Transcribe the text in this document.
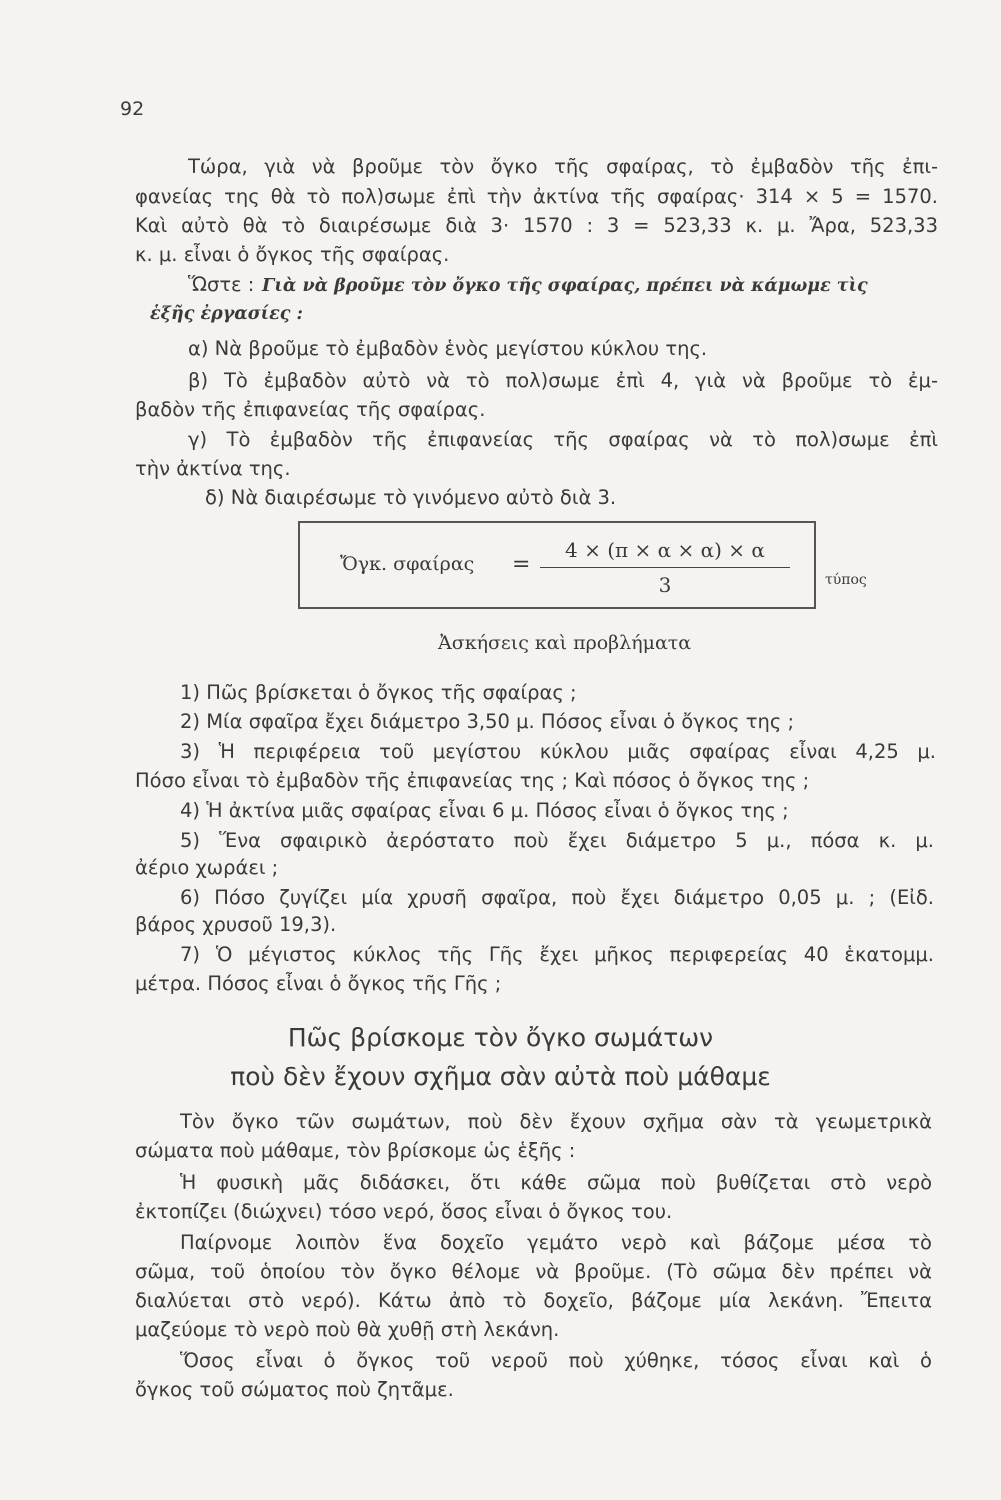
92
Τώρα, γιὰ νὰ βροῦμε τὸν ὄγκο τῆς σφαίρας, τὸ ἐμβαδὸν τῆς ἐπι-
φανείας της θὰ τὸ πολ)σωμε ἐπὶ τὴν ἀκτίνα τῆς σφαίρας· 314 × 5 = 1570.
Καὶ αὐτὸ θὰ τὸ διαιρέσωμε διὰ 3· 1570 : 3 = 523,33 κ. μ. Ἄρα, 523,33
κ. μ. εἶναι ὁ ὄγκος τῆς σφαίρας.
Ὥστε : Γιὰ νὰ βροῦμε τὸν ὄγκο τῆς σφαίρας, πρέπει νὰ κάμωμε τὶς
ἑξῆς ἐργασίες :
α) Νὰ βροῦμε τὸ ἐμβαδὸν ἑνὸς μεγίστου κύκλου της.
β) Τὸ ἐμβαδὸν αὐτὸ νὰ τὸ πολ)σωμε ἐπὶ 4, γιὰ νὰ βροῦμε τὸ ἐμ-
βαδὸν τῆς ἐπιφανείας τῆς σφαίρας.
γ) Τὸ ἐμβαδὸν τῆς ἐπιφανείας τῆς σφαίρας νὰ τὸ πολ)σωμε ἐπὶ
τὴν ἀκτίνα της.
δ) Νὰ διαιρέσωμε τὸ γινόμενο αὐτὸ διὰ 3.
Ὄγκ. σφαίρας =
4 × (π × α × α) × α
3	τύπος
Ἀσκήσεις καὶ προβλήματα
1) Πῶς βρίσκεται ὁ ὄγκος τῆς σφαίρας ;
2) Μία σφαῖρα ἔχει διάμετρο 3,50 μ. Πόσος εἶναι ὁ ὄγκος της ;
3) Ἡ περιφέρεια τοῦ μεγίστου κύκλου μιᾶς σφαίρας εἶναι 4,25 μ.
Πόσο εἶναι τὸ ἐμβαδὸν τῆς ἐπιφανείας της ; Καὶ πόσος ὁ ὄγκος της ;
4) Ἡ ἀκτίνα μιᾶς σφαίρας εἶναι 6 μ. Πόσος εἶναι ὁ ὄγκος της ;
5) Ἕνα σφαιρικὸ ἀερόστατο ποὺ ἔχει διάμετρο 5 μ., πόσα κ. μ.
ἀέριο χωράει ;
6) Πόσο ζυγίζει μία χρυσῆ σφαῖρα, ποὺ ἔχει διάμετρο 0,05 μ. ; (Εἰδ.
βάρος χρυσοῦ 19,3).
7) Ὁ μέγιστος κύκλος τῆς Γῆς ἔχει μῆκος περιφερείας 40 ἑκατομμ.
μέτρα. Πόσος εἶναι ὁ ὄγκος τῆς Γῆς ;
Πῶς βρίσκομε τὸν ὄγκο σωμάτων
ποὺ δὲν ἔχουν σχῆμα σὰν αὐτὰ ποὺ μάθαμε
Τὸν ὄγκο τῶν σωμάτων, ποὺ δὲν ἔχουν σχῆμα σὰν τὰ γεωμετρικὰ
σώματα ποὺ μάθαμε, τὸν βρίσκομε ὡς ἑξῆς :
Ἡ φυσικὴ μᾶς διδάσκει, ὅτι κάθε σῶμα ποὺ βυθίζεται στὸ νερὸ
ἐκτοπίζει (διώχνει) τόσο νερό, ὅσος εἶναι ὁ ὄγκος του.
Παίρνομε λοιπὸν ἕνα δοχεῖο γεμάτο νερὸ καὶ βάζομε μέσα τὸ
σῶμα, τοῦ ὁποίου τὸν ὄγκο θέλομε νὰ βροῦμε. (Τὸ σῶμα δὲν πρέπει νὰ
διαλύεται στὸ νερό). Κάτω ἀπὸ τὸ δοχεῖο, βάζομε μία λεκάνη. Ἔπειτα
μαζεύομε τὸ νερὸ ποὺ θὰ χυθῇ στὴ λεκάνη.
Ὅσος εἶναι ὁ ὄγκος τοῦ νεροῦ ποὺ χύθηκε, τόσος εἶναι καὶ ὁ
ὄγκος τοῦ σώματος ποὺ ζητᾶμε.
